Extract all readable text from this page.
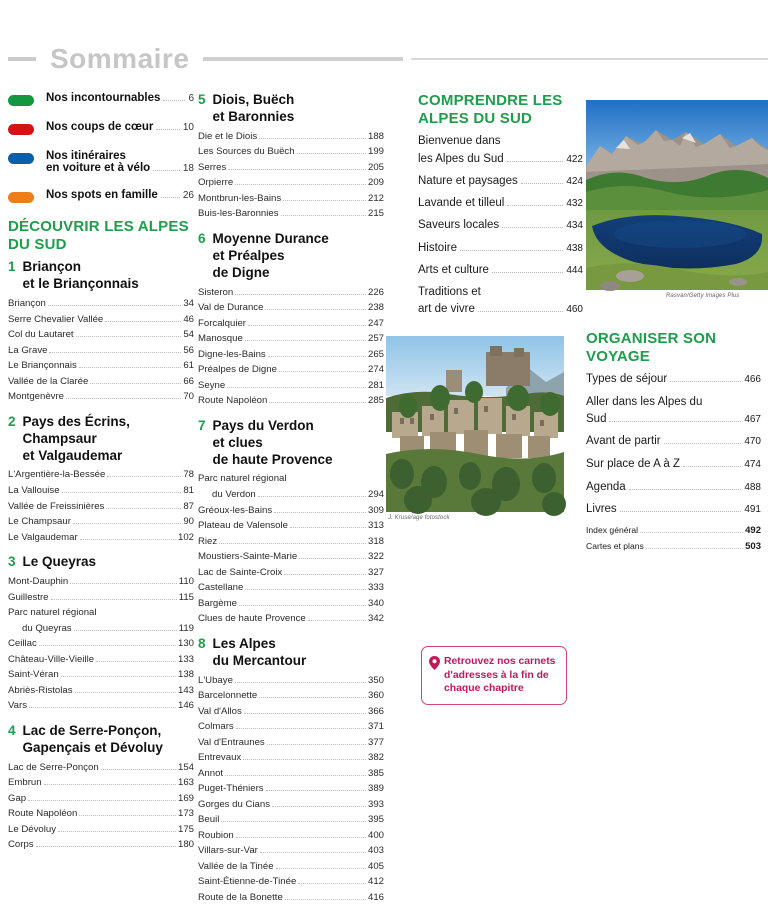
Sommaire
Nos incontournables	6
Nos coups de cœur	10
Nos itinéraires
en voiture et à vélo	18
Nos spots en famille	26
DÉCOUVRIR LES ALPES DU SUD
1 Briançon
et le Briançonnais
Briançon	34
Serre Chevalier Vallée	46
Col du Lautaret	54
La Grave	56
Le Briançonnais	61
Vallée de la Clarée	66
Montgenèvre	70
2 Pays des Écrins,
Champsaur
et Valgaudemar
L'Argentière-la-Bessée	78
La Vallouise	81
Vallée de Freissinières	87
Le Champsaur	90
Le Valgaudemar	102
3 Le Queyras
Mont-Dauphin	110
Guillestre	115
Parc naturel régional
du Queyras	119
Ceillac	130
Château-Ville-Vieille	133
Saint-Véran	138
Abriès-Ristolas	143
Vars	146
4 Lac de Serre-Ponçon,
Gapençais et Dévoluy
Lac de Serre-Ponçon	154
Embrun	163
Gap	169
Route Napoléon	173
Le Dévoluy	175
Corps	180
5 Diois, Buëch
et Baronnies
Die et le Diois	188
Les Sources du Buëch	199
Serres	205
Orpierre	209
Montbrun-les-Bains	212
Buis-les-Baronnies	215
6 Moyenne Durance
et Préalpes
de Digne
Sisteron	226
Val de Durance	238
Forcalquier	247
Manosque	257
Digne-les-Bains	265
Préalpes de Digne	274
Seyne	281
Route Napoléon	285
7 Pays du Verdon
et clues
de haute Provence
Parc naturel régional
du Verdon	294
Gréoux-les-Bains	309
Plateau de Valensole	313
Riez	318
Moustiers-Sainte-Marie	322
Lac de Sainte-Croix	327
Castellane	333
Bargème	340
Clues de haute Provence	342
8 Les Alpes
du Mercantour
L'Ubaye	350
Barcelonnette	360
Val d'Allos	366
Colmars	371
Val d'Entraunes	377
Entrevaux	382
Annot	385
Puget-Théniers	389
Gorges du Cians	393
Beuil	395
Roubion	400
Villars-sur-Var	403
Vallée de la Tinée	405
Saint-Étienne-de-Tinée	412
Route de la Bonette	416
COMPRENDRE LES ALPES DU SUD
Bienvenue dans
les Alpes du Sud	422
Nature et paysages	424
Lavande et tilleul	432
Saveurs locales	434
Histoire	438
Arts et culture	444
Traditions et
art de vivre	460
Rasvan/Getty Images Plus
J. Kruse/age fotostock
ORGANISER SON VOYAGE
Types de séjour	466
Aller dans les Alpes du
Sud	467
Avant de partir	470
Sur place de A à Z	474
Agenda	488
Livres	491
Index général	492
Cartes et plans	503
Retrouvez nos carnets
d'adresses à la fin de
chaque chapitre
